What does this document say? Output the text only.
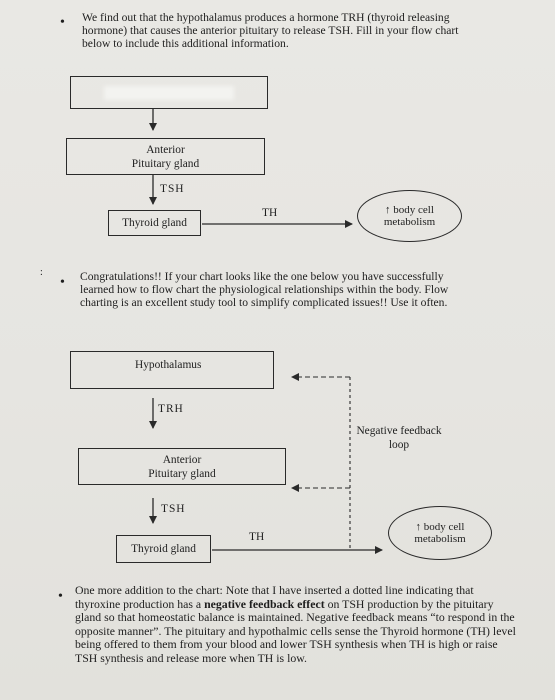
• We find out that the hypothalamus produces a hormone TRH (thyroid releasing hormone) that causes the anterior pituitary to release TSH. Fill in your flow chart below to include this additional information.

Anterior
Pituitary gland
TSH
Thyroid gland
TH	↑ body cell
metabolism
:
• Congratulations!! If your chart looks like the one below you have successfully learned how to flow chart the physiological relationships within the body. Flow charting is an excellent study tool to simplify complicated issues!! Use it often.

Hypothalamus
TRH
Anterior
Pituitary gland
TSH
Thyroid gland
TH
Negative feedback
loop
↑ body cell
metabolism
• One more addition to the chart: Note that I have inserted a dotted line indicating that thyroxine production has a negative feedback effect on TSH production by the pituitary gland so that homeostatic balance is maintained. Negative feedback means “to respond in the opposite manner”. The pituitary and hypothalmic cells sense the Thyroid hormone (TH) level being offered to them from your blood and lower TSH synthesis when TH is high or raise TSH synthesis and release more when TH is low.
